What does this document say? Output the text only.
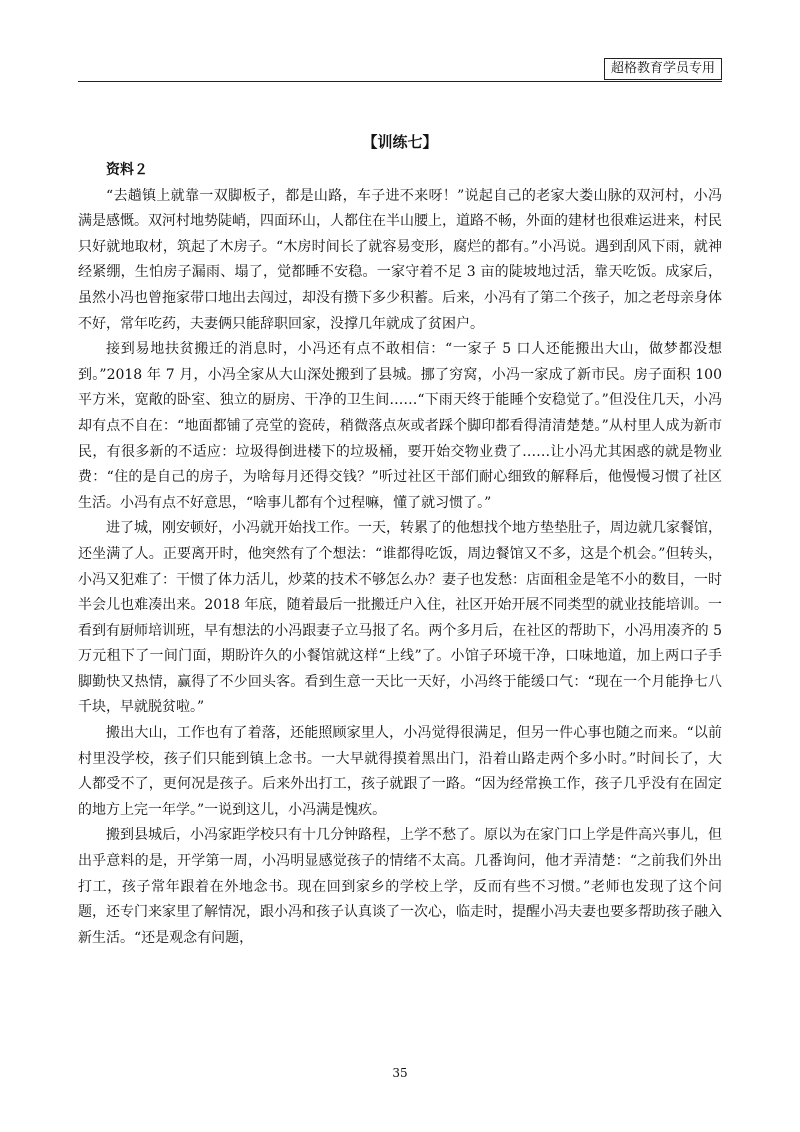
超格教育学员专用
【训练七】

资料２

“去趟镇上就靠一双脚板子，都是山路，车子进不来呀！”说起自己的老家大娄山脉的双河村，小冯满是感慨。双河村地势陡峭，四面环山，人都住在半山腰上，道路不畅，外面的建材也很难运进来，村民只好就地取材，筑起了木房子。“木房时间长了就容易变形，腐烂的都有。”小冯说。遇到刮风下雨，就神经紧绷，生怕房子漏雨、塌了，觉都睡不安稳。一家守着不足 3 亩的陡坡地过活，靠天吃饭。成家后，虽然小冯也曾拖家带口地出去闯过，却没有攒下多少积蓄。后来，小冯有了第二个孩子，加之老母亲身体不好，常年吃药，夫妻俩只能辞职回家，没撑几年就成了贫困户。

接到易地扶贫搬迁的消息时，小冯还有点不敢相信：“一家子 5 口人还能搬出大山，做梦都没想到。”2018 年 7 月，小冯全家从大山深处搬到了县城。挪了穷窝，小冯一家成了新市民。房子面积 100 平方米，宽敞的卧室、独立的厨房、干净的卫生间……“下雨天终于能睡个安稳觉了。”但没住几天，小冯却有点不自在：“地面都铺了亮堂的瓷砖，稍微落点灰或者踩个脚印都看得清清楚楚。”从村里人成为新市民，有很多新的不适应：垃圾得倒进楼下的垃圾桶，要开始交物业费了……让小冯尤其困惑的就是物业费：“住的是自己的房子，为啥每月还得交钱？”听过社区干部们耐心细致的解释后，他慢慢习惯了社区生活。小冯有点不好意思，“啥事儿都有个过程嘛，懂了就习惯了。”

进了城，刚安顿好，小冯就开始找工作。一天，转累了的他想找个地方垫垫肚子，周边就几家餐馆，还坐满了人。正要离开时，他突然有了个想法：“谁都得吃饭，周边餐馆又不多，这是个机会。”但转头，小冯又犯难了：干惯了体力活儿，炒菜的技术不够怎么办？妻子也发愁：店面租金是笔不小的数目，一时半会儿也难凑出来。2018 年底，随着最后一批搬迁户入住，社区开始开展不同类型的就业技能培训。一看到有厨师培训班，早有想法的小冯跟妻子立马报了名。两个多月后，在社区的帮助下，小冯用凑齐的 5 万元租下了一间门面，期盼许久的小餐馆就这样“上线”了。小馆子环境干净，口味地道，加上两口子手脚勤快又热情，赢得了不少回头客。看到生意一天比一天好，小冯终于能缓口气：“现在一个月能挣七八千块，早就脱贫啦。”

搬出大山，工作也有了着落，还能照顾家里人，小冯觉得很满足，但另一件心事也随之而来。“以前村里没学校，孩子们只能到镇上念书。一大早就得摸着黑出门，沿着山路走两个多小时。”时间长了，大人都受不了，更何况是孩子。后来外出打工，孩子就跟了一路。“因为经常换工作，孩子几乎没有在固定的地方上完一年学。”一说到这儿，小冯满是愧疚。

搬到县城后，小冯家距学校只有十几分钟路程，上学不愁了。原以为在家门口上学是件高兴事儿，但出乎意料的是，开学第一周，小冯明显感觉孩子的情绪不太高。几番询问，他才弄清楚：“之前我们外出打工，孩子常年跟着在外地念书。现在回到家乡的学校上学，反而有些不习惯。”老师也发现了这个问题，还专门来家里了解情况，跟小冯和孩子认真谈了一次心，临走时，提醒小冯夫妻也要多帮助孩子融入新生活。“还是观念有问题，

35
